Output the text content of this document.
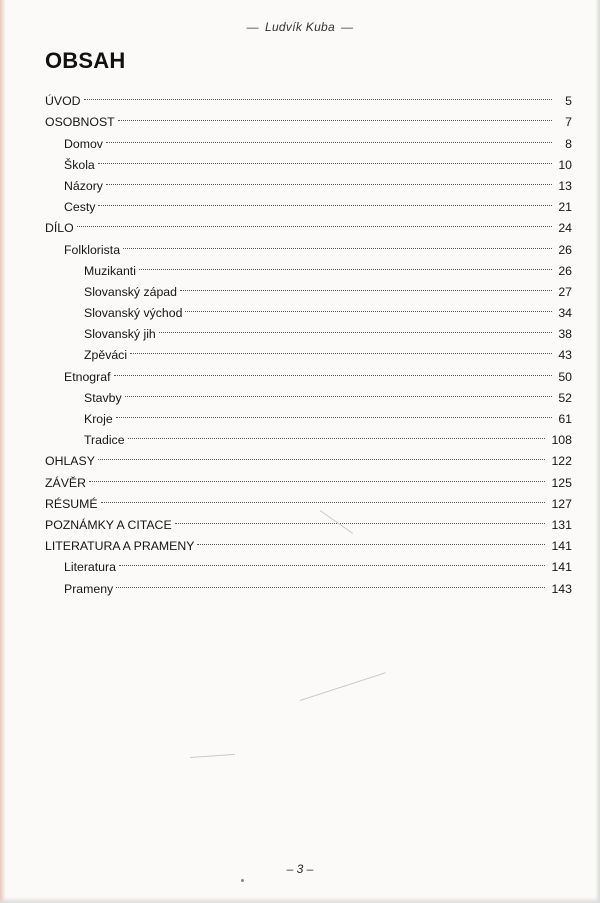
— Ludvík Kuba —
OBSAH
ÚVOD	5
OSOBNOST	7
Domov	8
Škola	10
Názory	13
Cesty	21
DÍLO	24
Folklorista	26
Muzikanti	26
Slovanský západ	27
Slovanský východ	34
Slovanský jih	38
Zpěváci	43
Etnograf	50
Stavby	52
Kroje	61
Tradice	108
OHLASY	122
ZÁVĚR	125
RÉSUMÉ	127
POZNÁMKY A CITACE	131
LITERATURA A PRAMENY	141
Literatura	141
Prameny	143
– 3 –
